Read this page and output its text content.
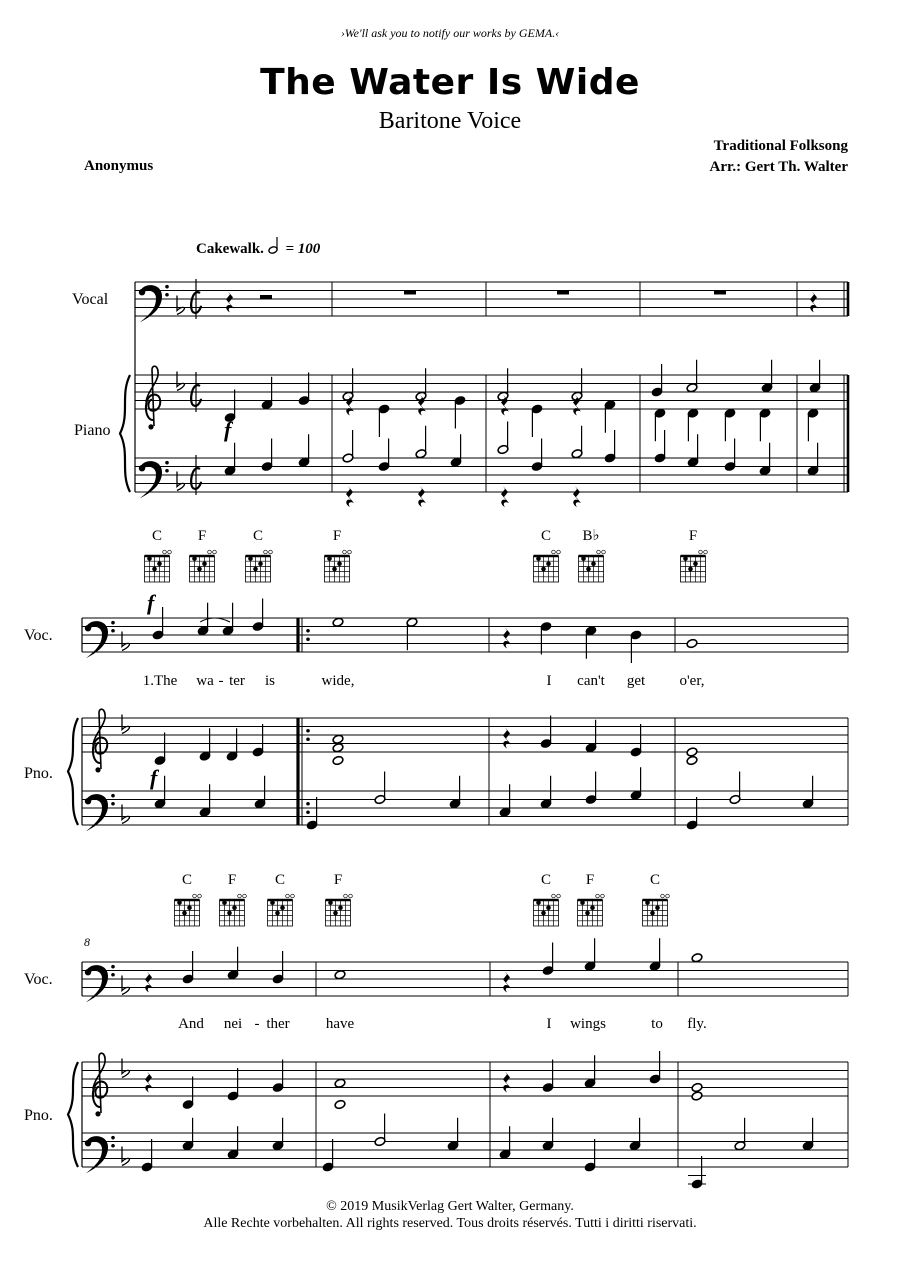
›We'll ask you to notify our works by GEMA.‹
The Water Is Wide
Baritone Voice
Traditional Folksong
Arr.: Gert Th. Walter
Anonymus
Cakewalk. = 100
f
f
f
8
Vocal
Piano
Voc.
Pno.
Voc.
Pno.
C F	C	F	C B♭	F
C F	C	F	C F	C
1.The wa - ter is	wide,	I can't get o'er,
And nei - ther have	I wings	to fly.
© 2019 MusikVerlag Gert Walter, Germany.
Alle Rechte vorbehalten. All rights reserved. Tous droits réservés. Tutti i diritti riservati.
